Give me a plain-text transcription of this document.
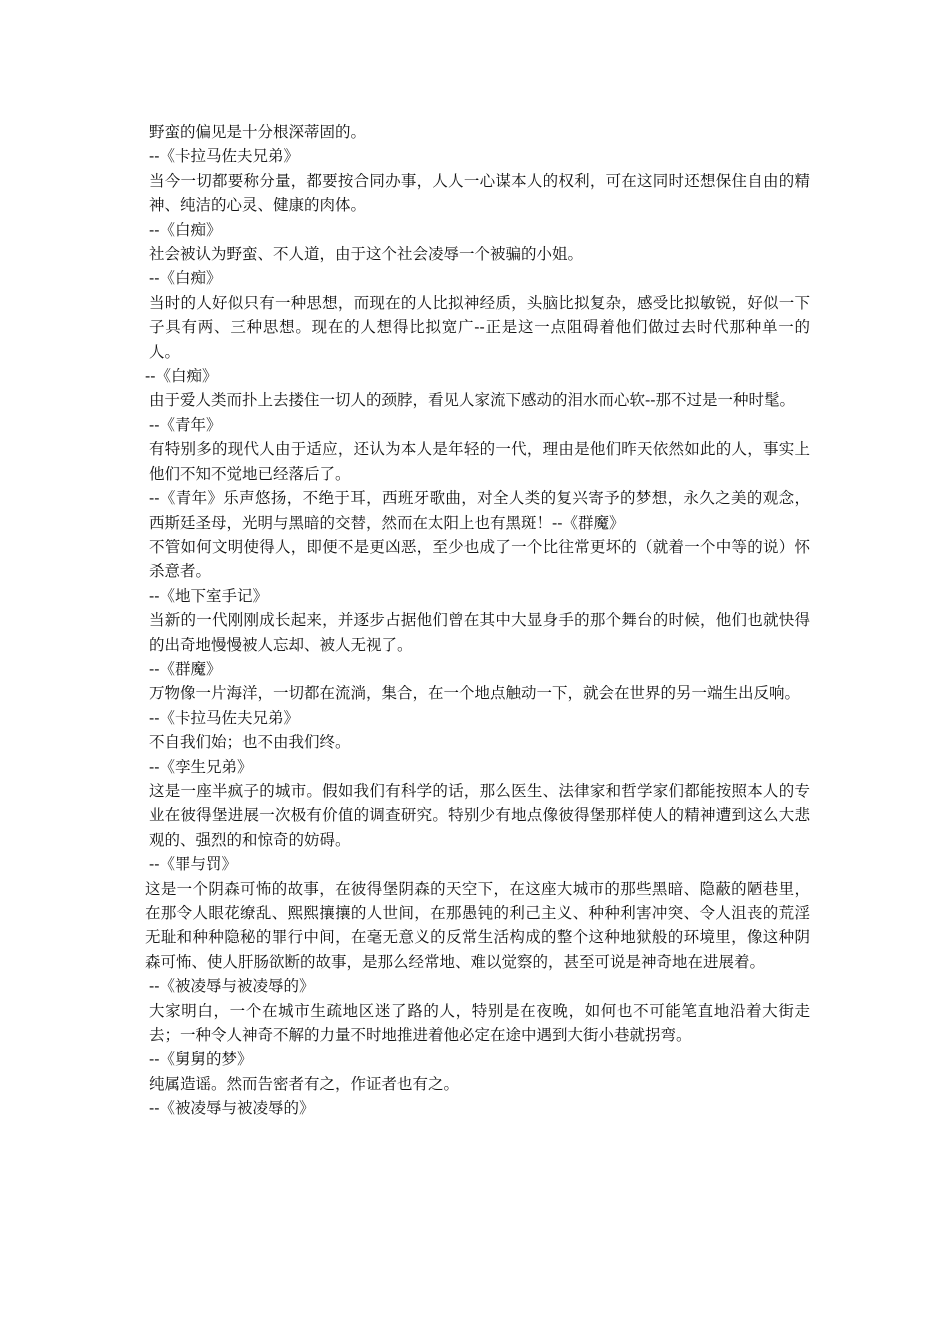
野蛮的偏见是十分根深蒂固的。

--《卡拉马佐夫兄弟》

当今一切都要称分量，都要按合同办事，人人一心谋本人的权利，可在这同时还想保住自由的精神、纯洁的心灵、健康的肉体。

--《白痴》

社会被认为野蛮、不人道，由于这个社会凌辱一个被骗的小姐。

--《白痴》

当时的人好似只有一种思想，而现在的人比拟神经质，头脑比拟复杂，感受比拟敏锐，好似一下子具有两、三种思想。现在的人想得比拟宽广--正是这一点阻碍着他们做过去时代那种单一的人。

--《白痴》

由于爱人类而扑上去搂住一切人的颈脖，看见人家流下感动的泪水而心软--那不过是一种时髦。

--《青年》

有特别多的现代人由于适应，还认为本人是年轻的一代，理由是他们昨天依然如此的人，事实上他们不知不觉地已经落后了。

--《青年》乐声悠扬，不绝于耳，西班牙歌曲，对全人类的复兴寄予的梦想，永久之美的观念，西斯廷圣母，光明与黑暗的交替，然而在太阳上也有黑斑！--《群魔》

不管如何文明使得人，即便不是更凶恶，至少也成了一个比往常更坏的（就着一个中等的说）怀杀意者。

--《地下室手记》

当新的一代刚刚成长起来，并逐步占据他们曾在其中大显身手的那个舞台的时候，他们也就快得的出奇地慢慢被人忘却、被人无视了。

--《群魔》

万物像一片海洋，一切都在流淌，集合，在一个地点触动一下，就会在世界的另一端生出反响。

--《卡拉马佐夫兄弟》

不自我们始；也不由我们终。

--《孪生兄弟》

这是一座半疯子的城市。假如我们有科学的话，那么医生、法律家和哲学家们都能按照本人的专业在彼得堡进展一次极有价值的调查研究。特别少有地点像彼得堡那样使人的精神遭到这么大悲观的、强烈的和惊奇的妨碍。

--《罪与罚》

这是一个阴森可怖的故事，在彼得堡阴森的天空下，在这座大城市的那些黑暗、隐蔽的陋巷里，在那令人眼花缭乱、熙熙攘攘的人世间，在那愚钝的利己主义、种种利害冲突、令人沮丧的荒淫无耻和种种隐秘的罪行中间，在毫无意义的反常生活构成的整个这种地狱般的环境里，像这种阴森可怖、使人肝肠欲断的故事，是那么经常地、难以觉察的，甚至可说是神奇地在进展着。

--《被凌辱与被凌辱的》

大家明白，一个在城市生疏地区迷了路的人，特别是在夜晚，如何也不可能笔直地沿着大街走去；一种令人神奇不解的力量不时地推进着他必定在途中遇到大街小巷就拐弯。

--《舅舅的梦》

纯属造谣。然而告密者有之，作证者也有之。

--《被凌辱与被凌辱的》
